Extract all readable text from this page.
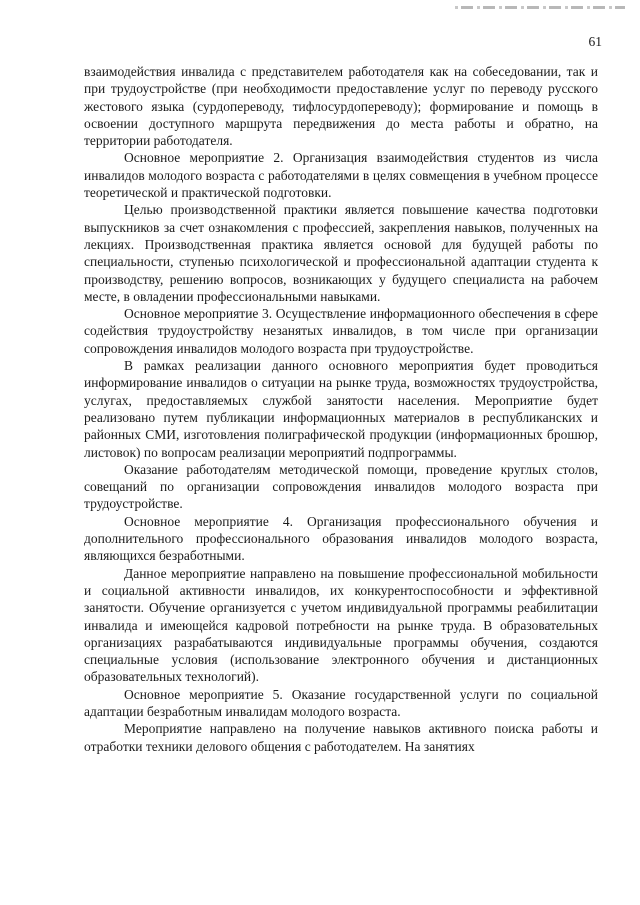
61

взаимодействия инвалида с представителем работодателя как на собеседовании, так и при трудоустройстве (при необходимости предоставление услуг по переводу русского жестового языка (сурдопереводу, тифлосурдопереводу); формирование и помощь в освоении доступного маршрута передвижения до места работы и обратно, на территории работодателя.

Основное мероприятие 2. Организация взаимодействия студентов из числа инвалидов молодого возраста с работодателями в целях совмещения в учебном процессе теоретической и практической подготовки.

Целью производственной практики является повышение качества подготовки выпускников за счет ознакомления с профессией, закрепления навыков, полученных на лекциях. Производственная практика является основой для будущей работы по специальности, ступенью психологической и профессиональной адаптации студента к производству, решению вопросов, возникающих у будущего специалиста на рабочем месте, в овладении профессиональными навыками.

Основное мероприятие 3. Осуществление информационного обеспечения в сфере содействия трудоустройству незанятых инвалидов, в том числе при организации сопровождения инвалидов молодого возраста при трудоустройстве.

В рамках реализации данного основного мероприятия будет проводиться информирование инвалидов о ситуации на рынке труда, возможностях трудоустройства, услугах, предоставляемых службой занятости населения. Мероприятие будет реализовано путем публикации информационных материалов в республиканских и районных СМИ, изготовления полиграфической продукции (информационных брошюр, листовок) по вопросам реализации мероприятий подпрограммы.

Оказание работодателям методической помощи, проведение круглых столов, совещаний по организации сопровождения инвалидов молодого возраста при трудоустройстве.

Основное мероприятие 4. Организация профессионального обучения и дополнительного профессионального образования инвалидов молодого возраста, являющихся безработными.

Данное мероприятие направлено на повышение профессиональной мобильности и социальной активности инвалидов, их конкурентоспособности и эффективной занятости. Обучение организуется с учетом индивидуальной программы реабилитации инвалида и имеющейся кадровой потребности на рынке труда. В образовательных организациях разрабатываются индивидуальные программы обучения, создаются специальные условия (использование электронного обучения и дистанционных образовательных технологий).

Основное мероприятие 5. Оказание государственной услуги по социальной адаптации безработным инвалидам молодого возраста.

Мероприятие направлено на получение навыков активного поиска работы и отработки техники делового общения с работодателем. На занятиях
